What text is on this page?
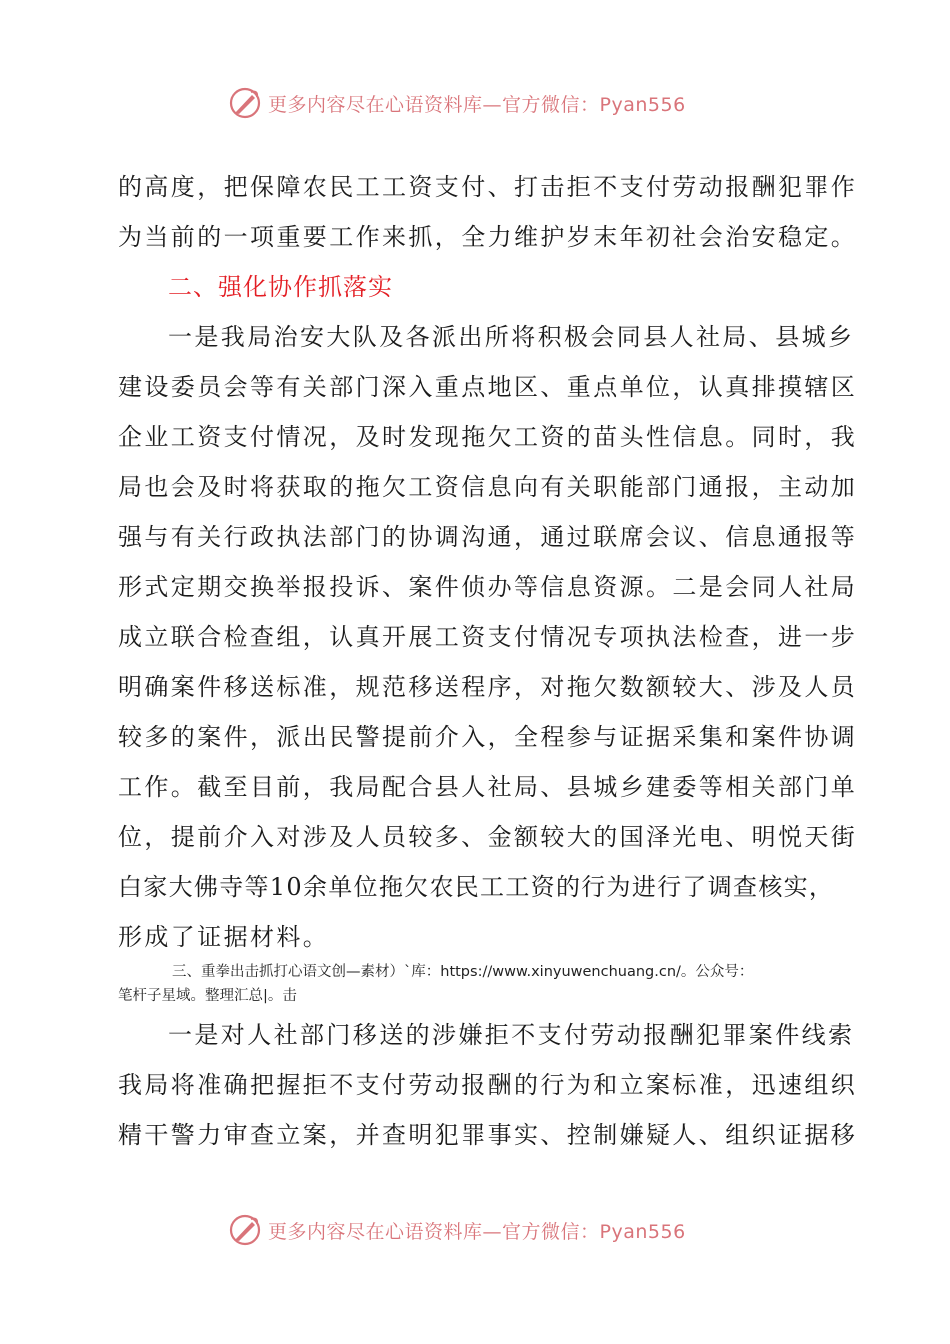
更多内容尽在心语资料库—官方微信：Pyan556
的高度，把保障农民工工资支付、打击拒不支付劳动报酬犯罪作
为当前的一项重要工作来抓，全力维护岁末年初社会治安稳定。
二、强化协作抓落实
一是我局治安大队及各派出所将积极会同县人社局、县城乡
建设委员会等有关部门深入重点地区、重点单位，认真排摸辖区
企业工资支付情况，及时发现拖欠工资的苗头性信息。同时，我
局也会及时将获取的拖欠工资信息向有关职能部门通报，主动加
强与有关行政执法部门的协调沟通，通过联席会议、信息通报等
形式定期交换举报投诉、案件侦办等信息资源。二是会同人社局
成立联合检查组，认真开展工资支付情况专项执法检查，进一步
明确案件移送标准，规范移送程序，对拖欠数额较大、涉及人员
较多的案件，派出民警提前介入，全程参与证据采集和案件协调
工作。截至目前，我局配合县人社局、县城乡建委等相关部门单
位，提前介入对涉及人员较多、金额较大的国泽光电、明悦天街
白家大佛寺等10余单位拖欠农民工工资的行为进行了调查核实，
形成了证据材料。
三、重拳出击抓打心语文创—素材）`库：https://www.xinyuwenchuang.cn/。公众号：
笔杆子星域。整理汇总|。击
一是对人社部门移送的涉嫌拒不支付劳动报酬犯罪案件线索
我局将准确把握拒不支付劳动报酬的行为和立案标准，迅速组织
精干警力审查立案，并查明犯罪事实、控制嫌疑人、组织证据移
更多内容尽在心语资料库—官方微信：Pyan556
